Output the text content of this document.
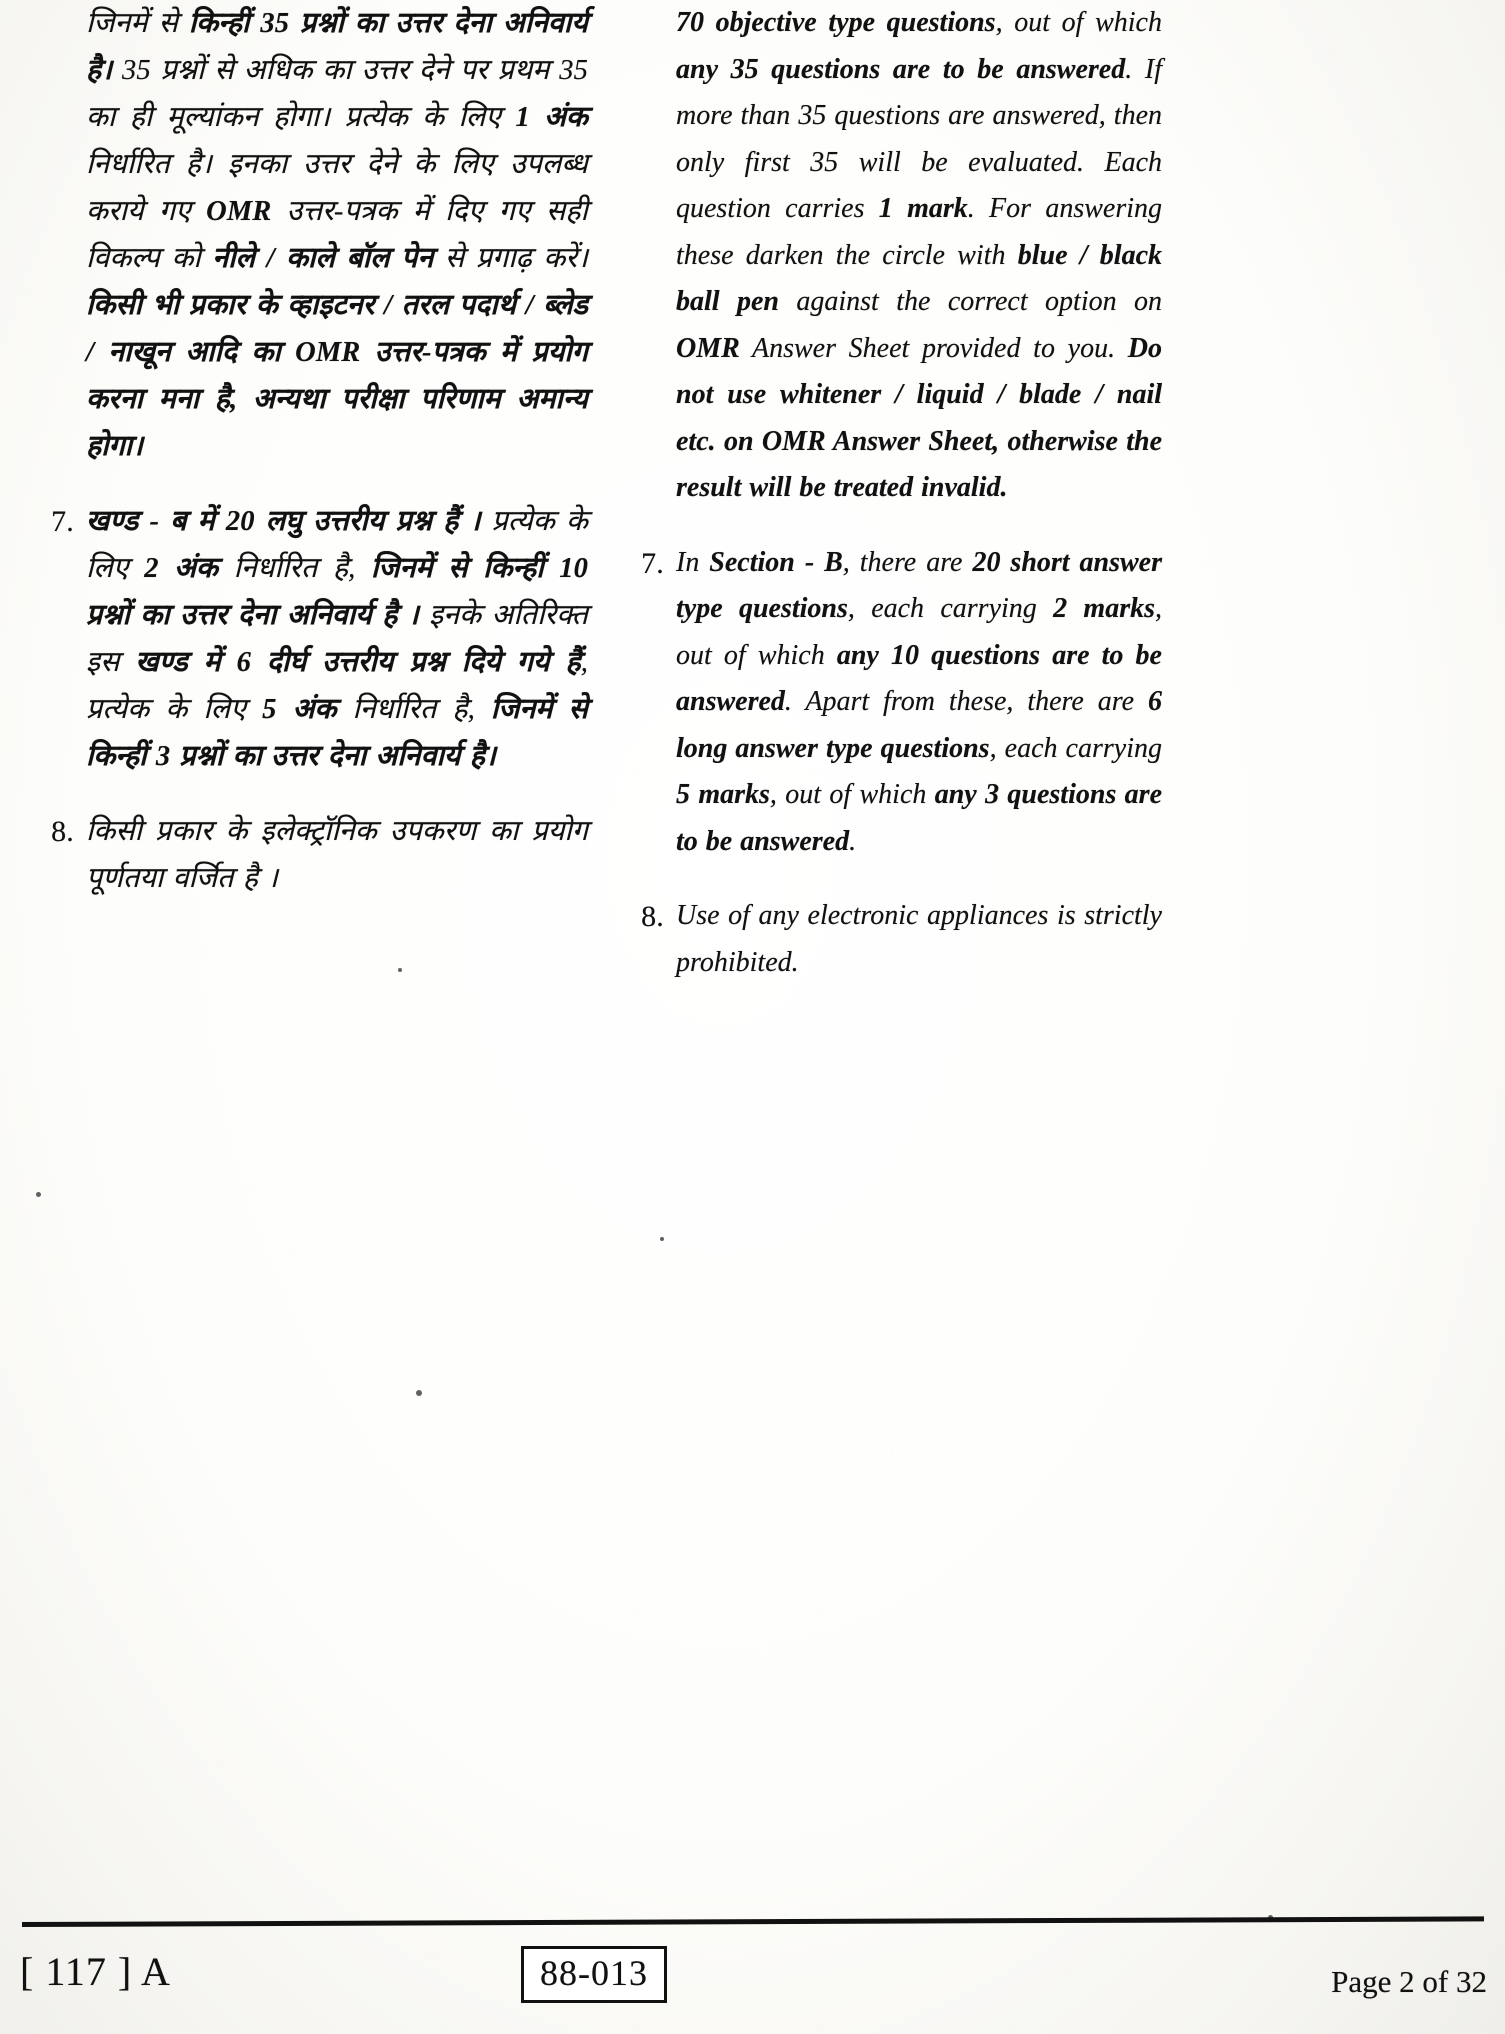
जिनमें से किन्हीं 35 प्रश्नों का उत्तर देना अनिवार्य है। 35 प्रश्नों से अधिक का उत्तर देने पर प्रथम 35 का ही मूल्यांकन होगा। प्रत्येक के लिए 1 अंक निर्धारित है। इनका उत्तर देने के लिए उपलब्ध कराये गए OMR उत्तर-पत्रक में दिए गए सही विकल्प को नीले / काले बॉल पेन से प्रगाढ़ करें। किसी भी प्रकार के व्हाइटनर / तरल पदार्थ / ब्लेड / नाखून आदि का OMR उत्तर-पत्रक में प्रयोग करना मना है, अन्यथा परीक्षा परिणाम अमान्य होगा।
7. खण्ड - ब में 20 लघु उत्तरीय प्रश्न हैं । प्रत्येक के लिए 2 अंक निर्धारित है, जिनमें से किन्हीं 10 प्रश्नों का उत्तर देना अनिवार्य है । इनके अतिरिक्त इस खण्ड में 6 दीर्घ उत्तरीय प्रश्न दिये गये हैं, प्रत्येक के लिए 5 अंक निर्धारित है, जिनमें से किन्हीं 3 प्रश्नों का उत्तर देना अनिवार्य है।
8. किसी प्रकार के इलेक्ट्रॉनिक उपकरण का प्रयोग पूर्णतया वर्जित है ।
70 objective type questions, out of which any 35 questions are to be answered. If more than 35 questions are answered, then only first 35 will be evaluated. Each question carries 1 mark. For answering these darken the circle with blue / black ball pen against the correct option on OMR Answer Sheet provided to you. Do not use whitener / liquid / blade / nail etc. on OMR Answer Sheet, otherwise the result will be treated invalid.
7. In Section - B, there are 20 short answer type questions, each carrying 2 marks, out of which any 10 questions are to be answered. Apart from these, there are 6 long answer type questions, each carrying 5 marks, out of which any 3 questions are to be answered.
8. Use of any electronic appliances is strictly prohibited.
[ 117 ] A	88-013	Page 2 of 32
